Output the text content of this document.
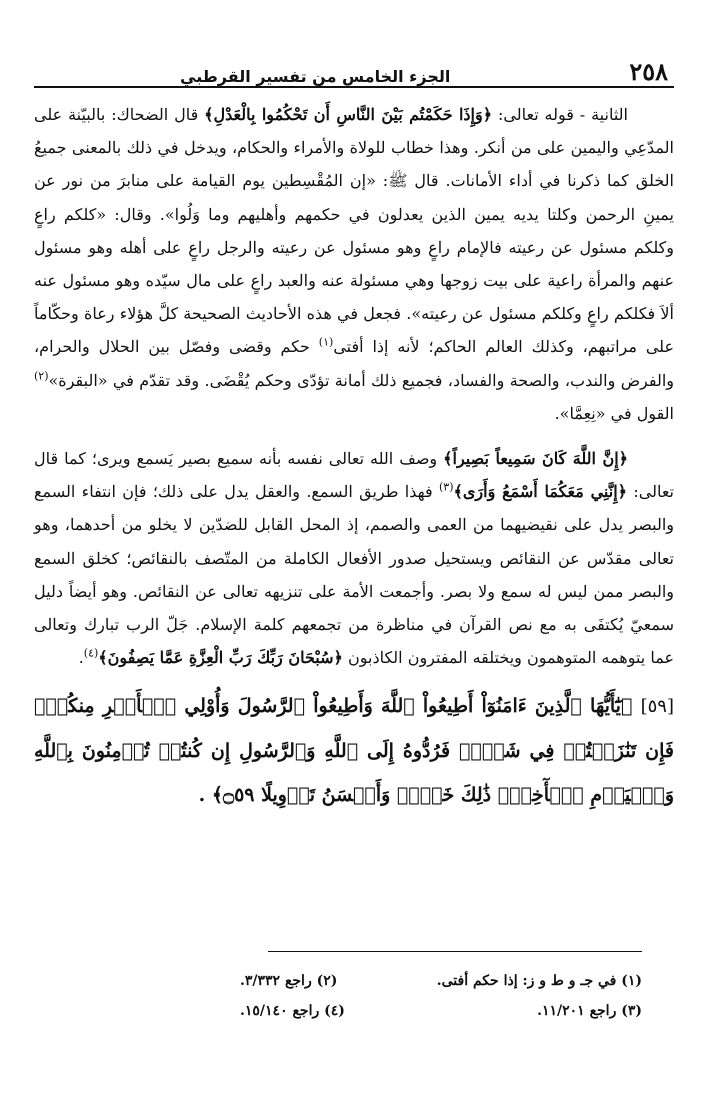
٢٥٨
الجزء الخامس من تفسير القرطبي

الثانية - قوله تعالى: ﴿وَإِذَا حَكَمْتُم بَيْنَ النَّاسِ أَن تَحْكُمُوا بِالْعَدْلِ﴾ قال الضحاك: بالبيّنة على المدّعِي واليمين على من أنكر. وهذا خطاب للولاة والأمراء والحكام، ويدخل في ذلك بالمعنى جميعُ الخلق كما ذكرنا في أداء الأمانات. قال ﷺ: «إن المُقْسِطين يوم القيامة على منابرَ من نور عن يمينِ الرحمن وكلتا يديه يمين الذين يعدلون في حكمهم وأهليهم وما وَلُوا». وقال: «كلكم راعٍ وكلكم مسئول عن رعيته فالإمام راعٍ وهو مسئول عن رعيته والرجل راعٍ على أهله وهو مسئول عنهم والمرأة راعية على بيت زوجها وهي مسئولة عنه والعبد راعٍ على مال سيّده وهو مسئول عنه ألاَ فكلكم راعٍ وكلكم مسئول عن رعيته». فجعل في هذه الأحاديث الصحيحة كلَّ هؤلاء رعاة وحكّاماً على مراتبهم، وكذلك العالم الحاكم؛ لأنه إذا أفتى$^{(١)}$ حكم وقضى وفصّل بين الحلال والحرام، والفرض والندب، والصحة والفساد، فجميع ذلك أمانة تؤدّى وحكم يُقْضَى. وقد تقدّم في «البقرة»$^{(٢)}$ القول في «نِعِمَّا».

﴿إِنَّ اللَّهَ كَانَ سَمِيعاً بَصِيراً﴾ وصف الله تعالى نفسه بأنه سميع بصير يَسمع ويرى؛ كما قال تعالى: ﴿إِنَّنِي مَعَكُمَا أَسْمَعُ وَأَرَى﴾$^{(٣)}$ فهذا طريق السمع. والعقل يدل على ذلك؛ فإن انتفاء السمع والبصر يدل على نقيضيهما من العمى والصمم، إذ المحل القابل للضدّين لا يخلو من أحدهما، وهو تعالى مقدّس عن النقائص ويستحيل صدور الأفعال الكاملة من المتّصف بالنقائص؛ كخلق السمع والبصر ممن ليس له سمع ولا بصر. وأجمعت الأمة على تنزيهه تعالى عن النقائص. وهو أيضاً دليل سمعيّ يُكتفَى به مع نص القرآن في مناظرة من تجمعهم كلمة الإسلام. جَلّ الرب تبارك وتعالى عما يتوهمه المتوهمون ويختلقه المفترون الكاذبون ﴿سُبْحَانَ رَبِّكَ رَبِّ الْعِزَّةِ عَمَّا يَصِفُونَ﴾$^{(٤)}$.

[٥٩] ﴿يَٰٓأَيُّهَا ٱلَّذِينَ ءَامَنُوٓاْ أَطِيعُواْ ٱللَّهَ وَأَطِيعُواْ ٱلرَّسُولَ وَأُوْلِي ٱلۡأَمۡرِ مِنكُمۡۖ فَإِن تَنَٰزَعۡتُمۡ فِي شَيۡءٖ فَرُدُّوهُ إِلَى ٱللَّهِ وَٱلرَّسُولِ إِن كُنتُمۡ تُؤۡمِنُونَ بِٱللَّهِ وَٱلۡيَوۡمِ ٱلۡأٓخِرِۚ ذَٰلِكَ خَيۡرٞ وَأَحۡسَنُ تَأۡوِيلًا ۝٥٩﴾ .

(١) في جـ و ط و ز: إذا حكم أفتى.
(٢) راجع ٣/٣٣٢.
(٣) راجع ١١/٢٠١.
(٤) راجع ١٥/١٤٠.
